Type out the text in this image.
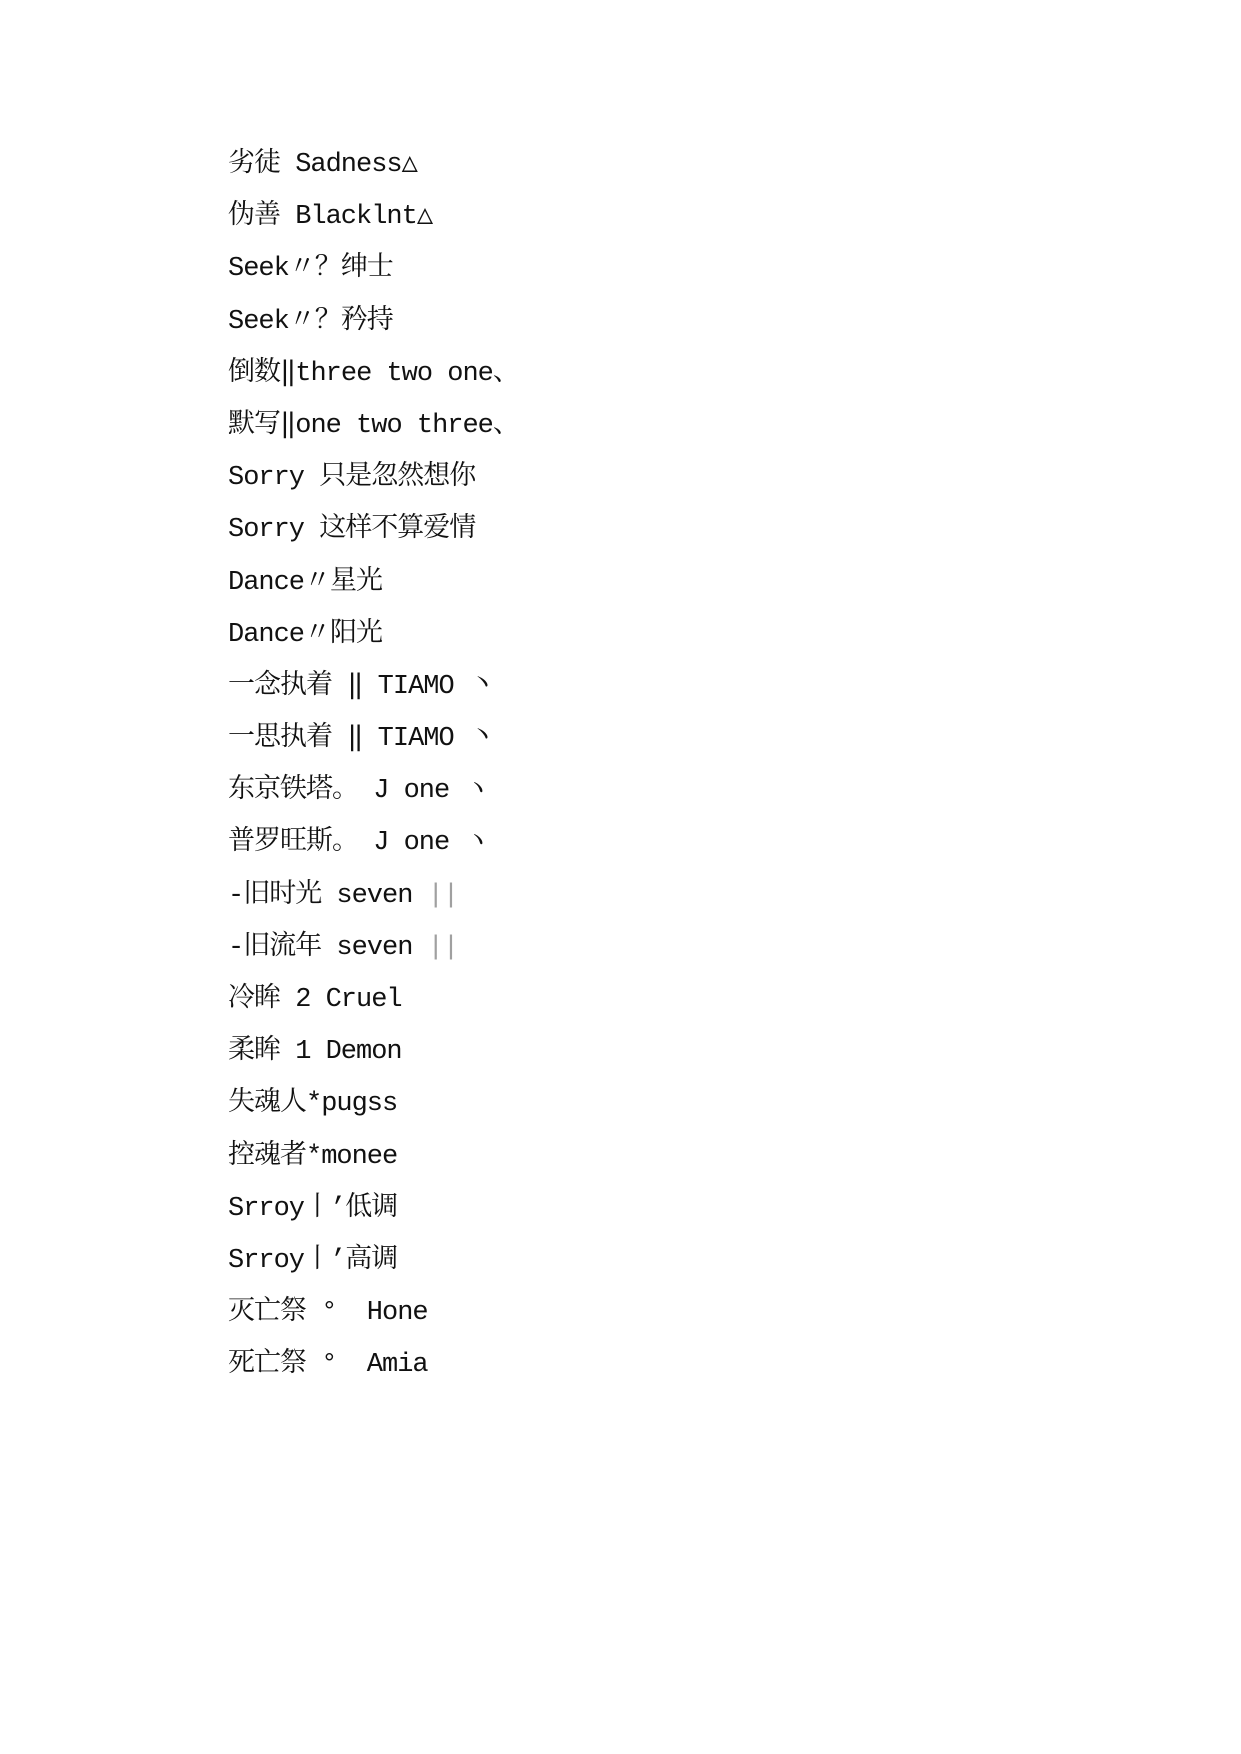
劣徒 Sadness△
伪善 Blacklnt△
Seek〃？绅士
Seek〃？矜持
倒数‖three two one、
默写‖one two three、
Sorry 只是忽然想你
Sorry 这样不算爱情
Dance〃星光
Dance〃阳光
一念执着 ‖ TIAMO 丶
一思执着 ‖ TIAMO 丶
东京铁塔。 J one ヽ
普罗旺斯。 J one ヽ
-旧时光 seven ||
-旧流年 seven ||
冷眸 2 Cruel
柔眸 1 Demon
失魂人*pugss
控魂者*monee
Srroy丨’低调
Srroy丨’高调
灭亡祭 °  Hone
死亡祭 °  Amia
